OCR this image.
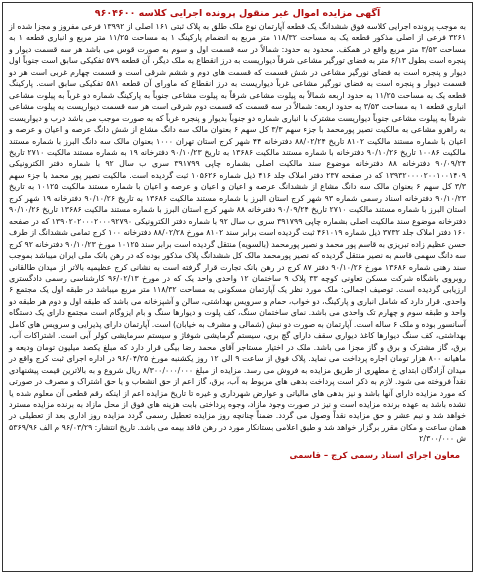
آگهی مزایده اموال غیر منقول پرونده اجرایی کلاسه ۹۶۰۴۶۰۰

به موجب پرونده اجرایی کلاسه فوق ششدانگ یک قطعه آپارتمان نوع ملک طلق به پلاک ثبتی ۱۶۱ اصلی از ۱۳۹۹۲ فرعی مفروز و مجزا شده از ۳۲۶۱ فرعی از اصلی مذکور قطعه یک به مساحت ۱۱۸/۳۲ متر مربع به انضمام پارکینگ ۱ به مساحت ۱۱/۲۵ متر مربع و انباری قطعه ۱ به مساحت ۳/۵۳ متر مربع واقع در همکف. محدود به حدود: شمالاً در سه قسمت اول و سوم به صورت قوس می باشد هر سه قسمت دیوار و پنجره است بطول ۶/۱۳ متر به فضای تورگیر مشاعی شرقاً دیواریست به درز انقطاع به ملک دیگر، آن قطعه ۵۷۹ تفکیکی سابق است جنوباً اول دیوار و پنجره است به فضای نورگیر مشاعی در شش قسمت که قسمت های دوم و ششم شرقی است و قسمت چهارم غربی است هر دو قسمت دیوار و پنجره است به فضای نورگیر مشاعی غرباً دیواریست به درز انقطاع که ماورای آن قطعه ۵۸۱ تفکیکی سابق است. پارکینگ قطعه یک به مساحت ۱۱/۲۵ به حدود اربعه شمالاً به پیلوت مشاعی شرقاً به پیلوت مشاعی جنوباً به پارکینگ شماره دو غرباً به پیلوت مشاعی انباری قطعه ۱ به مساحت ۳/۵۳ به حدود اربعه: شمالاً در سه قسمت که قسمت دوم شرقی است هر سه قسمت دیواریست به پیلوت مشاعی شرقاً به پیلوت مشاعی جنوباً دیواریست مشترک با انباری شماره دو جنوباً بدیوار و پنجره غرباً که به صورت موجب می باشد درب و دیواریست به راهرو مشاعی به مالکیت نصیر پورمحمد با جزء سهم ۳/۳ کل سهم ۶ بعنوان مالک سه دانگ مشاع از شش دانگ عرصه و اعیان و عرصه و اعیان با شماره مستند مالکیت ۸۱۰۲ تاریخ ۸۸/۰۲/۲۴ دفترخانه ۴۴ شهر کرج استان تهران ۱۰۰۰ بعنوان مالک سه دانگ البرز با شماره مستند مالکیت ۱۰۰۸۶ تاریخ ۹۰/۱۰/۲۶ دفترخانه با شماره مستند مالکیت ۱۳۶۸۶ به تاریخ ۹۰/۱۰/۲۳ دفترخانه ۱۹ به شماره مستند مالکیت ۲۷۱۰ تاریخ ۹۰/۰۹/۲۴ دفترخانه ۸۸ دفترخانه موضوع سند مالکیت اصلی بشماره چاپی ۳۹۱۷۹۹ سری ب سال ۹۲ با شماره دفتر الکترونیکی ۱۳۹۳۲۰۰۰۰۲۰۰۱۰۰۱۴۰۹ که در صفحه ۲۳۷ دفتر املاک جلد ۴۱۶ ذیل شماره ۱۰۵۶۲۶ ثبت گردیده است. مالکیت نصیر پور محمد با جزء سهم ۳/۳ کل سهم ۶ بعنوان مالک سه دانگ مشاع از ششدانگ عرصه و اعیان و اعیان و عرصه و اعیان با شماره مستند مالکیت ۱۰۱۲۵ به تاریخ ۹۰/۱۰/۲۳ دفترخانه اسناد رسمی شماره ۹۳ شهر کرج استان البرز با شماره مستند مالکیت ۱۳۶۸۶ به تاریخ ۹۰/۱۰/۲۶ دفترخانه ۱۹ شهر کرج استان البرز با شماره مستند مالکیت ۲۷۱۰ تاریخ ۹۰/۰۹/۲۴ دفترخانه ۸۸ شهر کرج استان البرز با شماره مستند مالکیت ۱۳۶۸۶ تاریخ ۹۰/۱۰/۲۶ دفترخانه موضوع سند مالکیت اصلی بشماره چاپی ۳۹۱۷۹۹ سری ب سال ۹۲ با شماره دفتر الکترونیکی ۱۳۹۰۲۰۲۰۰۰۲۰۰۰۹۲۷۹۰ که در صفحه ۱۶۰ دفتر املاک جلد ۳۷۳۲ ذیل شماره ۴۶۱۰۱۹ ثبت گردیده است برابر سند ۸۱۰۲ مورخ ۸۸/۰۲/۲۸ دفترخانه ۱۰۰ کرج تمامی ششدانگ از طرف حسن عظیم زاده تبریزی به قاسم پور محمد و نصیر پورمحمد (بالسویه) منتقل گردیده است برابر سند ۱۰۱۲۵ مورخ ۹۰/۱۰/۲۳ دفترخانه ۹۲ کرج سه دانگ سهمی قاسم به نصیر منتقل گردیده که نصیر پورمحمد مالک کل ششدانگ پلاک مذکور بوده که در رهن بانک ملی ایران میباشد بموجب سند رهنی شماره ۱۳۶۸۶ مورخ ۹۰/۱۰/۲۶ دفتر ۸۷ کرج در رهن بانک تجارت قرار گرفته است به نشانی کرج عظیمیه بالاتر از میدان طالقانی روبروی باشگاه شرکت مسکن تعاونی کوچه ۳۳ پلاک ۹ ساختمان ۱۲ واحدی واحد یک که در مورخ ۹۶/۰۲/۱۳ کارشناسی رسمی دادگستری ارزیابی گردیده است. توصیف اجمالی: ملک مورد نظر یک آپارتمان مسکونی به مساحت ۱۱۸/۳۲ متر مربع میباشد در طبقه اول یک مجتمع ۶ واحدی. قرار دارد که شامل انباری و پارکینگ، دو خواب، حمام و سرویس بهداشتی، سالن و آشپزخانه می باشد که طبقه اول و دوم هر طبقه دو واحد و طبقه سوم و چهارم تک واحدی می باشد. نمای ساختمان سنگ، کف پلوت و دیوارها سنگ و بام ایزوگام است مجتمع دارای یک دستگاه آسانسور بوده و ملک ۶ ساله است. آپارتمان به صورت دو نبش (شمالی و مشرف به خیابان) است. آپارتمان دارای پذیرایی و سرویس های کامل بهداشتی، کف سنگ دیوارها کاغذ دیواری سقف دارای گچ بری، سیستم گرمایشی شوفاژ و سیستم سرمایشی کولر آبی است. اشتراکات آب، برق، گاز مشترک و برق و گاز مجزا می باشد. ملک در اختیار مستاجر آقای محمد رضا بیگی قرار دارد که مبلغ یکصد میلیون تومان ودیعه و ماهیانه ۸۰۰ هزار تومان اجاره پرداخت می نماید. پلاک فوق از ساعت ۹ الی ۱۲ روز یکشنبه مورخ ۹۶/۰۴/۲۵ در اداره اجرای ثبت کرج واقع در میدان آزادگان ابتدای خ مطهری از طریق مزایده به فروش می رسد. مزایده از مبلغ ۸/۳۰۰/۰۰۰/۰۰۰ ریال شروع و به بالاترین قیمت پیشنهادی نقداً فروخته می شود. لازم به ذکر است پرداخت بدهی های مربوط به آب، برق، گاز اعم از حق انشعاب و یا حق اشتراک و مصرف در صورتی که مورد مزایده دارای آنها باشد و نیز بدهی های مالیاتی و عوارض شهرداری و غیره تا تاریخ مزایده اعم از اینکه رقم قطعی آن معلوم شده یا نشده باشد به عهده برنده مزایده است و نیز در صورت وجود مازاد، وجوه پرداختی بابت هزینه های فوق از محل مازاد به برنده مزایده مسترد خواهد شد و نیم عشر و حق مزایده نقداً وصول می گردد. ضمناً چنانچه روز مزایده تعطیل رسمی گردد مزایده روز اداری بعد از تعطیلی در همان ساعت و مکان مقرر برگزار خواهد شد و طبق اعلامی بستانکار مورد در رهن فاقد بیمه می باشد. تاریخ انتشار: ۹۶/۰۳/۲۹ م الف ۵۳۶۹/۹۶ ش ۲/۳۰۰/۰۰۰

معاون اجرای اسناد رسمی کرج – قاسمی
